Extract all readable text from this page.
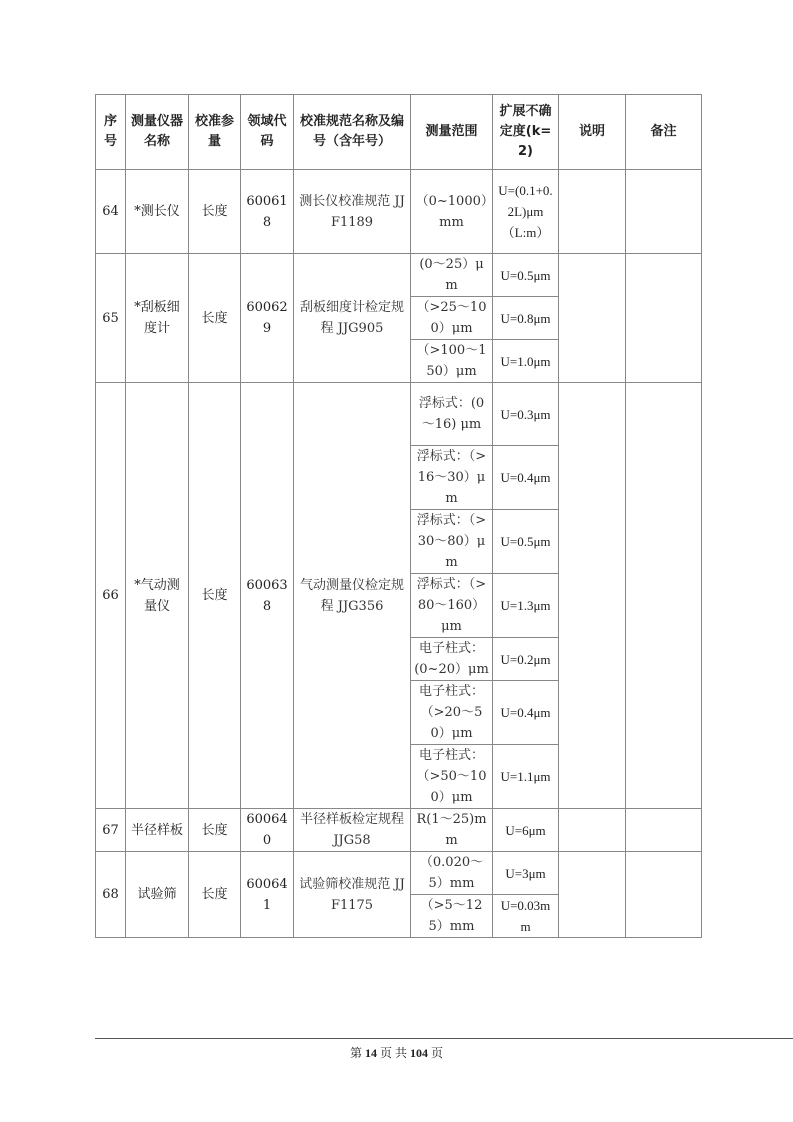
序号	测量仪器名称	校准参量	领域代码	校准规范名称及编号（含年号）	测量范围	扩展不确定度(k=2)	说明	备注
64	*测长仪	长度	600618	测长仪校准规范 JJF1189	（0~1000）mm	U=(0.1+0.2L)μm（L:m）		
65	*刮板细度计	长度	600629	刮板细度计检定规程 JJG905	(0～25）μm	U=0.5μm		
					（>25～100）μm	U=0.8μm		
					（>100～150）μm	U=1.0μm		
66	*气动测量仪	长度	600638	气动测量仪检定规程 JJG356	浮标式：(0～16) μm	U=0.3μm		
					浮标式：（>16～30）μm	U=0.4μm		
					浮标式：（>30～80）μm	U=0.5μm		
					浮标式：（>80～160）μm	U=1.3μm		
					电子柱式：(0~20）μm	U=0.2μm		
					电子柱式：（>20～50）μm	U=0.4μm		
					电子柱式：（>50～100）μm	U=1.1μm		
67	半径样板	长度	600640	半径样板检定规程 JJG58	R(1～25)mm	U=6μm		
68	试验筛	长度	600641	试验筛校准规范 JJF1175	（0.020～5）mm	U=3μm		
					（>5～125）mm	U=0.03mm		
第 14 页 共 104 页
